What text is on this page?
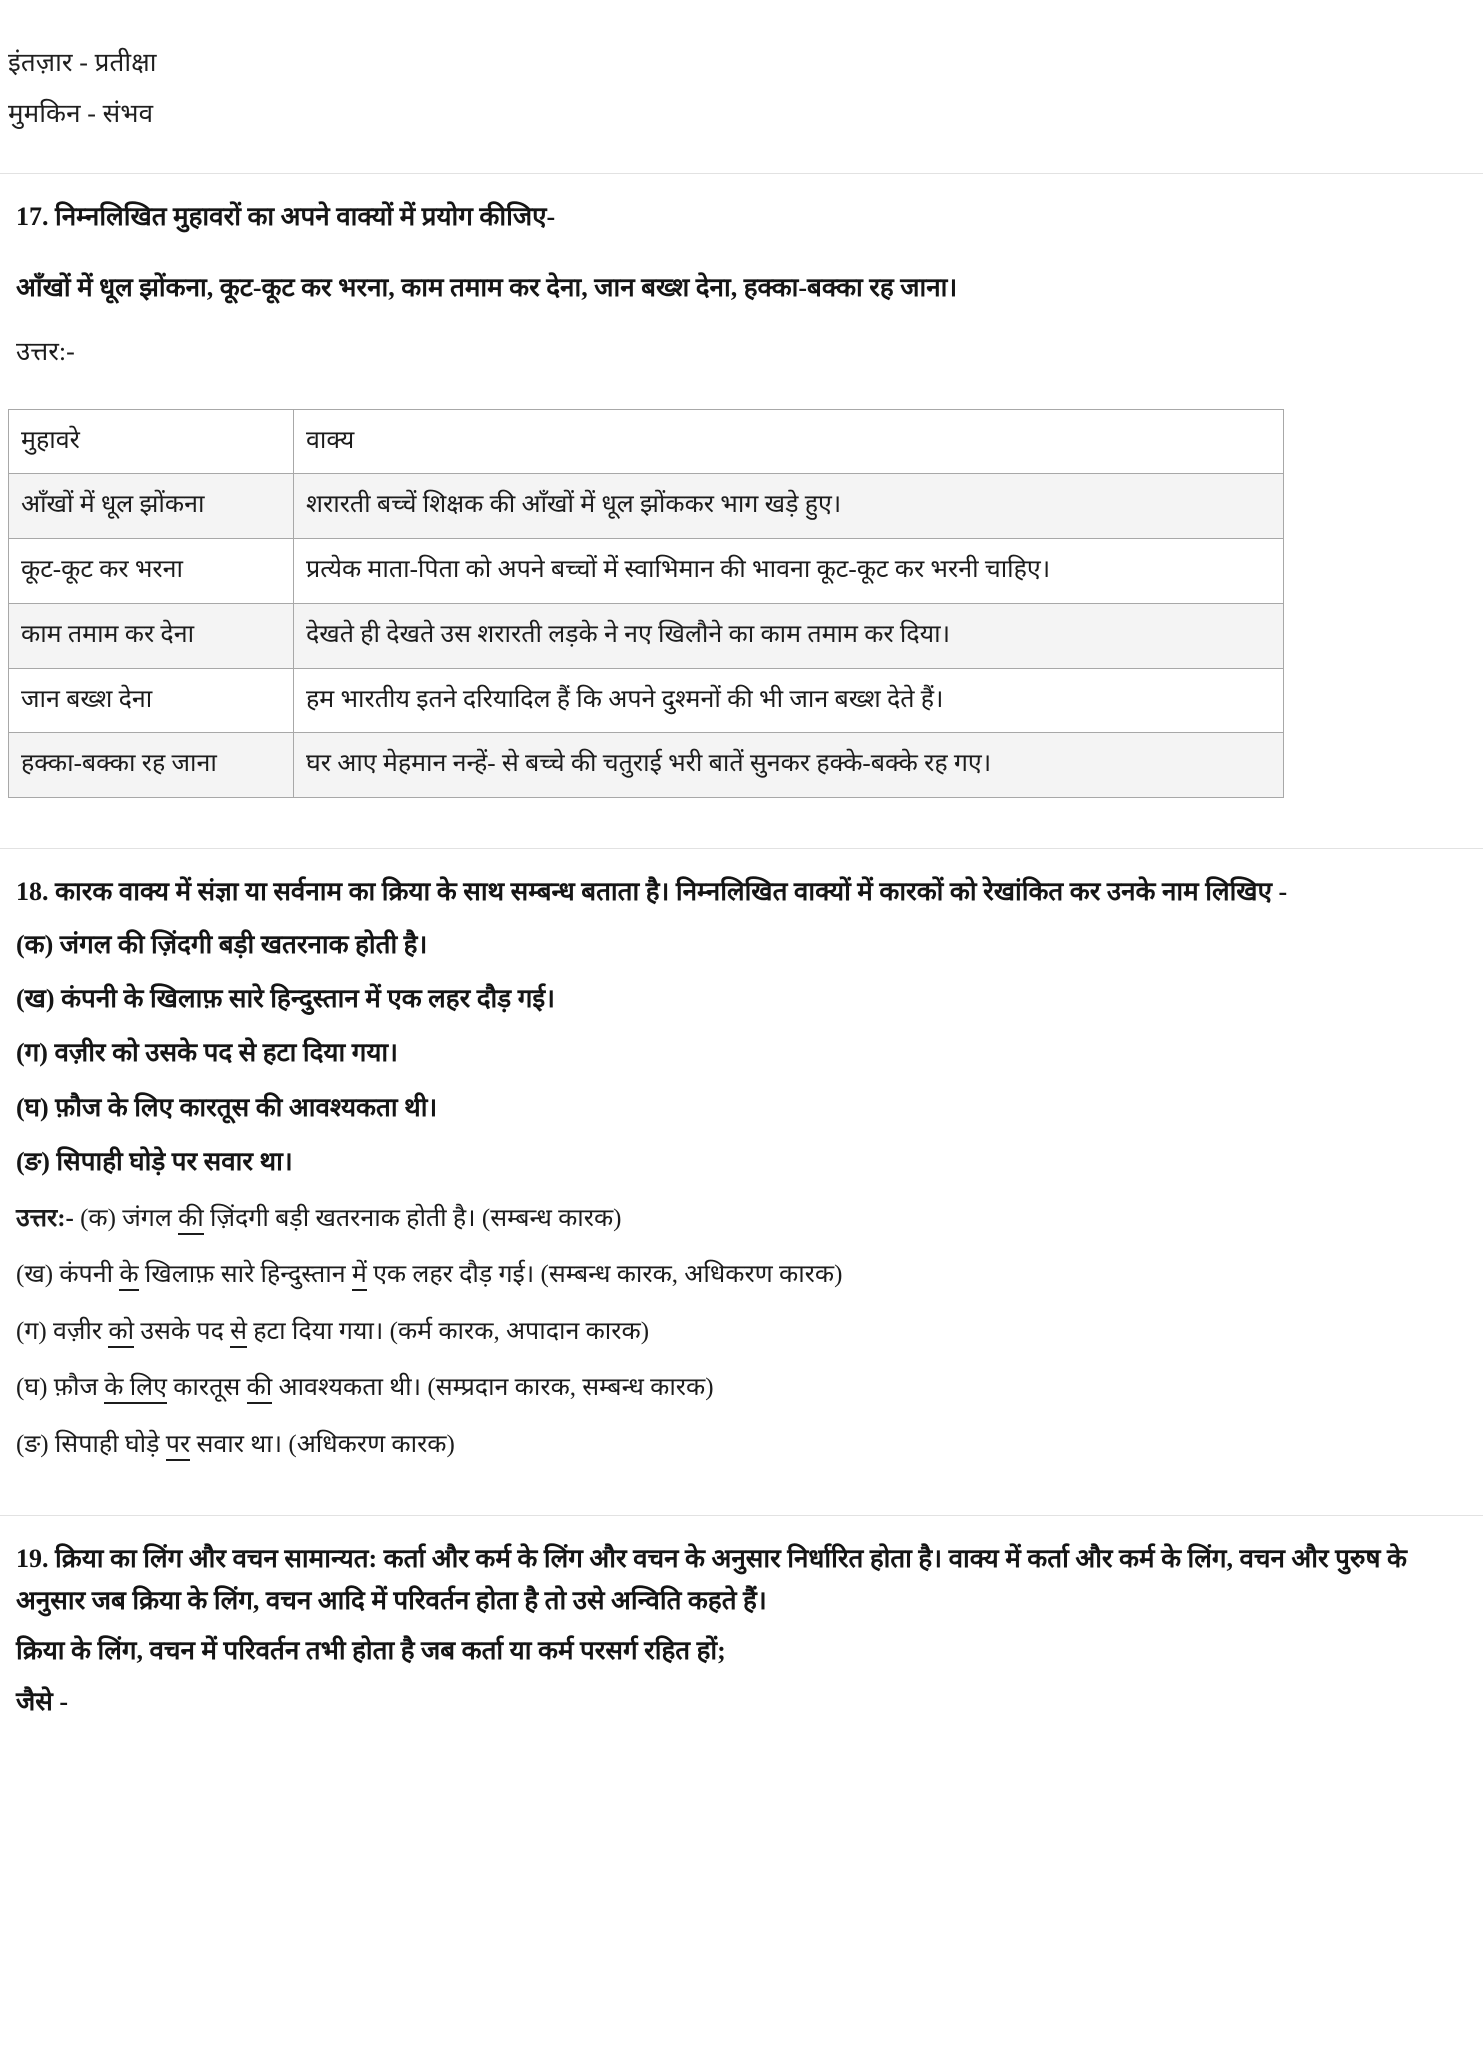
इंतज़ार - प्रतीक्षा
मुमकिन - संभव
17. निम्नलिखित मुहावरों का अपने वाक्यों में प्रयोग कीजिए-
आँखों में धूल झोंकना, कूट-कूट कर भरना, काम तमाम कर देना, जान बख्श देना, हक्का-बक्का रह जाना।
उत्तर:-
मुहावरे	वाक्य
आँखों में धूल झोंकना	शरारती बच्चें शिक्षक की आँखों में धूल झोंककर भाग खड़े हुए।
कूट-कूट कर भरना	प्रत्येक माता-पिता को अपने बच्चों में स्वाभिमान की भावना कूट-कूट कर भरनी चाहिए।
काम तमाम कर देना	देखते ही देखते उस शरारती लड़के ने नए खिलौने का काम तमाम कर दिया।
जान बख्श देना	हम भारतीय इतने दरियादिल हैं कि अपने दुश्मनों की भी जान बख्श देते हैं।
हक्का-बक्का रह जाना	घर आए मेहमान नन्हें- से बच्चे की चतुराई भरी बातें सुनकर हक्के-बक्के रह गए।
18. कारक वाक्य में संज्ञा या सर्वनाम का क्रिया के साथ सम्बन्ध बताता है। निम्नलिखित वाक्यों में कारकों को रेखांकित कर उनके नाम लिखिए -
(क) जंगल की ज़िंदगी बड़ी खतरनाक होती है।
(ख) कंपनी के खिलाफ़ सारे हिन्दुस्तान में एक लहर दौड़ गई।
(ग) वज़ीर को उसके पद से हटा दिया गया।
(घ) फ़ौज के लिए कारतूस की आवश्यकता थी।
(ङ) सिपाही घोड़े पर सवार था।
उत्तर:- (क) जंगल की ज़िंदगी बड़ी खतरनाक होती है। (सम्बन्ध कारक)
(ख) कंपनी के खिलाफ़ सारे हिन्दुस्तान में एक लहर दौड़ गई। (सम्बन्ध कारक, अधिकरण कारक)
(ग) वज़ीर को उसके पद से हटा दिया गया। (कर्म कारक, अपादान कारक)
(घ) फ़ौज के लिए कारतूस की आवश्यकता थी। (सम्प्रदान कारक, सम्बन्ध कारक)
(ङ) सिपाही घोड़े पर सवार था। (अधिकरण कारक)
19. क्रिया का लिंग और वचन सामान्यत: कर्ता और कर्म के लिंग और वचन के अनुसार निर्धारित होता है। वाक्य में कर्ता और कर्म के लिंग, वचन और पुरुष के अनुसार जब क्रिया के लिंग, वचन आदि में परिवर्तन होता है तो उसे अन्विति कहते हैं।
क्रिया के लिंग, वचन में परिवर्तन तभी होता है जब कर्ता या कर्म परसर्ग रहित हों;
जैसे -
